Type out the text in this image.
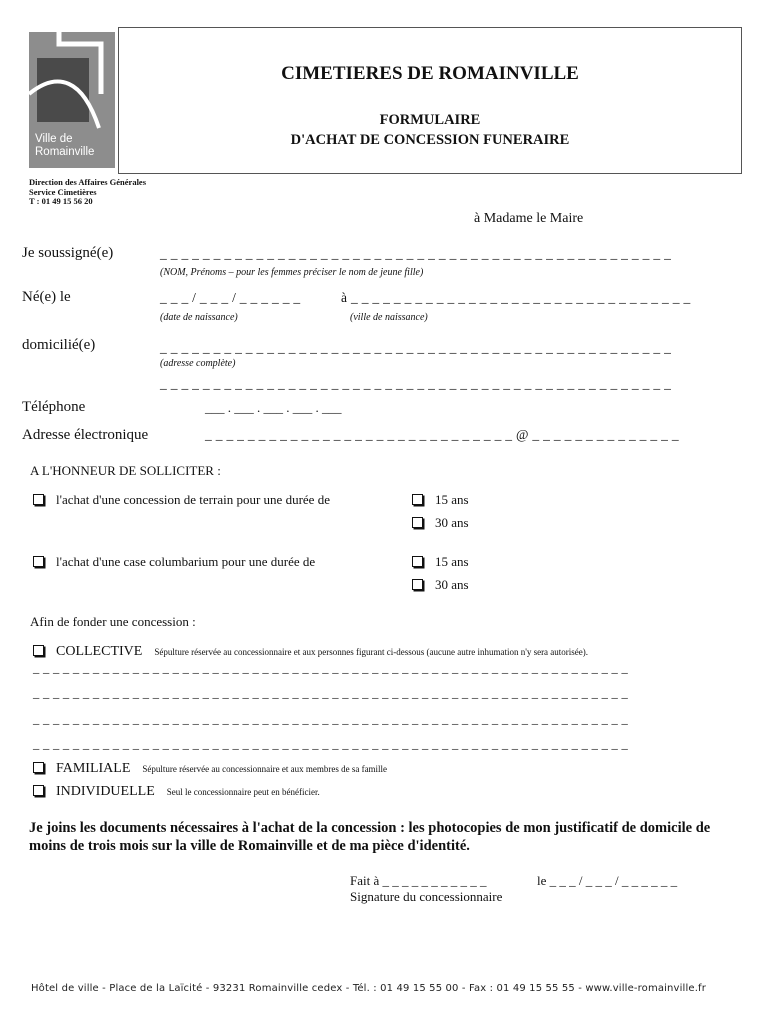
Ville de
Romainville
CIMETIERES DE ROMAINVILLE
FORMULAIRE
D'ACHAT DE CONCESSION FUNERAIRE
Direction des Affaires Générales
Service Cimetières
T : 01 49 15 56 20
à Madame le Maire
Je soussigné(e)	_ _ _ _ _ _ _ _ _ _ _ _ _ _ _ _ _ _ _ _ _ _ _ _ _ _ _ _ _ _ _ _ _ _ _ _ _ _ _ _ _ _ _ _ _ _ _ _
(NOM, Prénoms – pour les femmes préciser le nom de jeune fille)
Né(e) le	_ _ _ / _ _ _ / _ _ _ _ _ _	à _ _ _ _ _ _ _ _ _ _ _ _ _ _ _ _ _ _ _ _ _ _ _ _ _ _ _ _ _ _ _ _
(date de naissance)	(ville de naissance)
domicilié(e)	_ _ _ _ _ _ _ _ _ _ _ _ _ _ _ _ _ _ _ _ _ _ _ _ _ _ _ _ _ _ _ _ _ _ _ _ _ _ _ _ _ _ _ _ _ _ _ _
(adresse complète)
_ _ _ _ _ _ _ _ _ _ _ _ _ _ _ _ _ _ _ _ _ _ _ _ _ _ _ _ _ _ _ _ _ _ _ _ _ _ _ _ _ _ _ _ _ _ _ _
Téléphone	___ . ___ . ___ . ___ . ___
Adresse électronique	_ _ _ _ _ _ _ _ _ _ _ _ _ _ _ _ _ _ _ _ _ _ _ _ _ _ _ _ _ @ _ _ _ _ _ _ _ _ _ _ _ _ _ _
A L'HONNEUR DE SOLLICITER :
l'achat d'une concession de terrain pour une durée de	15 ans
30 ans
l'achat d'une case columbarium pour une durée de	15 ans
30 ans
Afin de fonder une concession :
COLLECTIVE Sépulture réservée au concessionnaire et aux personnes figurant ci-dessous (aucune autre inhumation n'y sera autorisée).
_ _ _ _ _ _ _ _ _ _ _ _ _ _ _ _ _ _ _ _ _ _ _ _ _ _ _ _ _ _ _ _ _ _ _ _ _ _ _ _ _ _ _ _ _ _ _ _ _ _ _ _ _ _ _ _ _ _ _ _
_ _ _ _ _ _ _ _ _ _ _ _ _ _ _ _ _ _ _ _ _ _ _ _ _ _ _ _ _ _ _ _ _ _ _ _ _ _ _ _ _ _ _ _ _ _ _ _ _ _ _ _ _ _ _ _ _ _ _ _
_ _ _ _ _ _ _ _ _ _ _ _ _ _ _ _ _ _ _ _ _ _ _ _ _ _ _ _ _ _ _ _ _ _ _ _ _ _ _ _ _ _ _ _ _ _ _ _ _ _ _ _ _ _ _ _ _ _ _ _
_ _ _ _ _ _ _ _ _ _ _ _ _ _ _ _ _ _ _ _ _ _ _ _ _ _ _ _ _ _ _ _ _ _ _ _ _ _ _ _ _ _ _ _ _ _ _ _ _ _ _ _ _ _ _ _ _ _ _ _
FAMILIALE Sépulture réservée au concessionnaire et aux membres de sa famille
INDIVIDUELLE Seul le concessionnaire peut en bénéficier.
Je joins les documents nécessaires à l'achat de la concession : les photocopies de mon justificatif de domicile de moins de trois mois sur la ville de Romainville et de ma pièce d'identité.
Fait à _ _ _ _ _ _ _ _ _ _ _	le _ _ _ / _ _ _ / _ _ _ _ _ _
Signature du concessionnaire
Hôtel de ville - Place de la Laïcité - 93231 Romainville cedex - Tél. : 01 49 15 55 00 - Fax : 01 49 15 55 55 - www.ville-romainville.fr
